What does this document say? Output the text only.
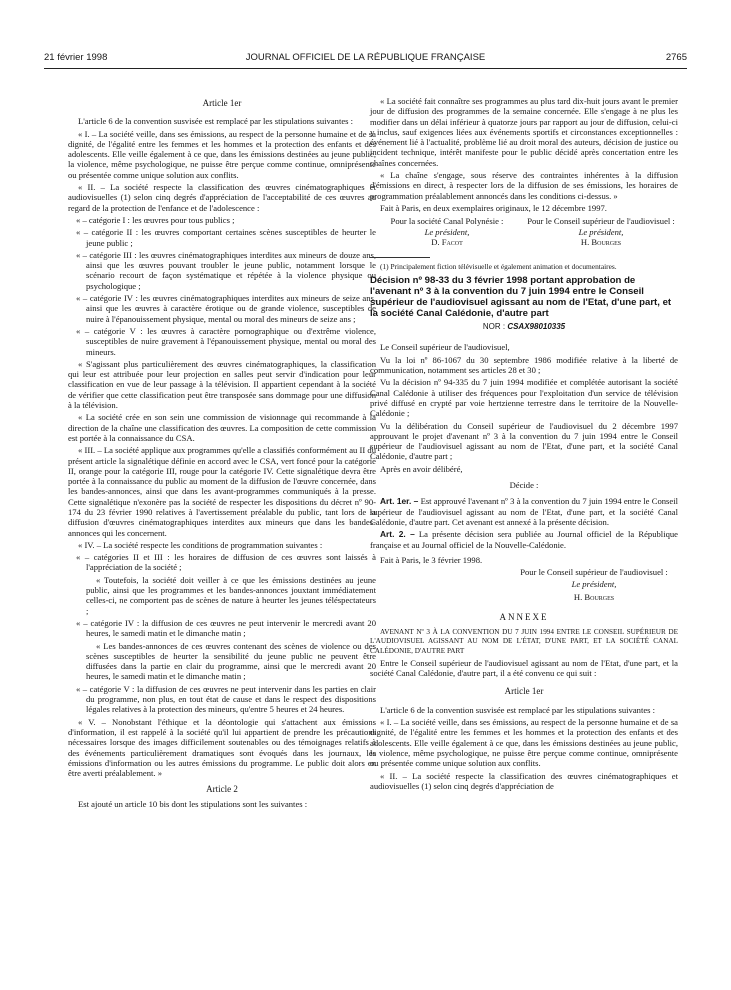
21 février 1998	JOURNAL OFFICIEL DE LA RÉPUBLIQUE FRANÇAISE	2765
Article 1er

L'article 6 de la convention susvisée est remplacé par les stipulations suivantes :

« I. – La société veille, dans ses émissions, au respect de la personne humaine et de sa dignité, de l'égalité entre les femmes et les hommes et la protection des enfants et des adolescents. Elle veille également à ce que, dans les émissions destinées au jeune public, la violence, même psychologique, ne puisse être perçue comme continue, omniprésente ou présentée comme unique solution aux conflits.

« II. – La société respecte la classification des œuvres cinématographiques et audiovisuelles (1) selon cinq degrés d'appréciation de l'acceptabilité de ces œuvres au regard de la protection de l'enfance et de l'adolescence :

« – catégorie I : les œuvres pour tous publics ;

« – catégorie II : les œuvres comportant certaines scènes susceptibles de heurter le jeune public ;

« – catégorie III : les œuvres cinématographiques interdites aux mineurs de douze ans, ainsi que les œuvres pouvant troubler le jeune public, notamment lorsque le scénario recourt de façon systématique et répétée à la violence physique ou psychologique ;

« – catégorie IV : les œuvres cinématographiques interdites aux mineurs de seize ans, ainsi que les œuvres à caractère érotique ou de grande violence, susceptibles de nuire à l'épanouissement physique, mental ou moral des mineurs de seize ans ;

« – catégorie V : les œuvres à caractère pornographique ou d'extrême violence, susceptibles de nuire gravement à l'épanouissement physique, mental ou moral des mineurs.

« S'agissant plus particulièrement des œuvres cinématographiques, la classification qui leur est attribuée pour leur projection en salles peut servir d'indication pour leur classification en vue de leur passage à la télévision. Il appartient cependant à la société de vérifier que cette classification peut être transposée sans dommage pour une diffusion à la télévision.

« La société crée en son sein une commission de visionnage qui recommande à la direction de la chaîne une classification des œuvres. La composition de cette commission est portée à la connaissance du CSA.

« III. – La société applique aux programmes qu'elle a classifiés conformément au II du présent article la signalétique définie en accord avec le CSA, vert foncé pour la catégorie II, orange pour la catégorie III, rouge pour la catégorie IV. Cette signalétique devra être portée à la connaissance du public au moment de la diffusion de l'œuvre concernée, dans les bandes-annonces, ainsi que dans les avant-programmes communiqués à la presse. Cette signalétique n'exonère pas la société de respecter les dispositions du décret nº 90-174 du 23 février 1990 relatives à l'avertissement préalable du public, tant lors de la diffusion d'œuvres cinématographiques interdites aux mineurs que dans les bandes-annonces qui les concernent.

« IV. – La société respecte les conditions de programmation suivantes :

« – catégories II et III : les horaires de diffusion de ces œuvres sont laissés à l'appréciation de la société ;

« Toutefois, la société doit veiller à ce que les émissions destinées au jeune public, ainsi que les programmes et les bandes-annonces jouxtant immédiatement celles-ci, ne comportent pas de scènes de nature à heurter les jeunes téléspectateurs ;

« – catégorie IV : la diffusion de ces œuvres ne peut intervenir le mercredi avant 20 heures, le samedi matin et le dimanche matin ;

« Les bandes-annonces de ces œuvres contenant des scènes de violence ou des scènes susceptibles de heurter la sensibilité du jeune public ne peuvent être diffusées dans la partie en clair du programme, ainsi que le mercredi avant 20 heures, le samedi matin et le dimanche matin ;

« – catégorie V : la diffusion de ces œuvres ne peut intervenir dans les parties en clair du programme, non plus, en tout état de cause et dans le respect des dispositions légales relatives à la protection des mineurs, qu'entre 5 heures et 24 heures.

« V. – Nonobstant l'éthique et la déontologie qui s'attachent aux émissions d'information, il est rappelé à la société qu'il lui appartient de prendre les précautions nécessaires lorsque des images difficilement soutenables ou des témoignages relatifs à des événements particulièrement dramatiques sont évoqués dans les journaux, les émissions d'information ou les autres émissions du programme. Le public doit alors en être averti préalablement. »

Article 2

Est ajouté un article 10 bis dont les stipulations sont les suivantes :

« La société fait connaître ses programmes au plus tard dix-huit jours avant le premier jour de diffusion des programmes de la semaine concernée. Elle s'engage à ne plus les modifier dans un délai inférieur à quatorze jours par rapport au jour de diffusion, celui-ci y inclus, sauf exigences liées aux événements sportifs et circonstances exceptionnelles : événement lié à l'actualité, problème lié au droit moral des auteurs, décision de justice ou incident technique, intérêt manifeste pour le public décidé après concertation entre les chaînes concernées.

« La chaîne s'engage, sous réserve des contraintes inhérentes à la diffusion d'émissions en direct, à respecter lors de la diffusion de ses émissions, les horaires de programmation préalablement annoncés dans les conditions ci-dessus. »

Fait à Paris, en deux exemplaires originaux, le 12 décembre 1997.

Pour la société Canal Polynésie :
Le président,
D. Facot
Pour le Conseil supérieur de l'audiovisuel :
Le président,
H. Bourges

(1) Principalement fiction télévisuelle et également animation et documentaires.

Décision nº 98-33 du 3 février 1998 portant approbation de l'avenant nº 3 à la convention du 7 juin 1994 entre le Conseil supérieur de l'audiovisuel agissant au nom de l'Etat, d'une part, et la société Canal Calédonie, d'autre part
NOR : CSAX98010335

Le Conseil supérieur de l'audiovisuel,

Vu la loi nº 86-1067 du 30 septembre 1986 modifiée relative à la liberté de communication, notamment ses articles 28 et 30 ;

Vu la décision nº 94-335 du 7 juin 1994 modifiée et complétée autorisant la société Canal Calédonie à utiliser des fréquences pour l'exploitation d'un service de télévision privé diffusé en crypté par voie hertzienne terrestre dans le territoire de la Nouvelle-Calédonie ;

Vu la délibération du Conseil supérieur de l'audiovisuel du 2 décembre 1997 approuvant le projet d'avenant nº 3 à la convention du 7 juin 1994 entre le Conseil supérieur de l'audiovisuel agissant au nom de l'Etat, d'une part, et la société Canal Calédonie, d'autre part ;

Après en avoir délibéré,

Décide :

Art. 1er. – Est approuvé l'avenant nº 3 à la convention du 7 juin 1994 entre le Conseil supérieur de l'audiovisuel agissant au nom de l'Etat, d'une part, et la société Canal Calédonie, d'autre part. Cet avenant est annexé à la présente décision.

Art. 2. – La présente décision sera publiée au Journal officiel de la République française et au Journal officiel de la Nouvelle-Calédonie.

Fait à Paris, le 3 février 1998.

Pour le Conseil supérieur de l'audiovisuel :

Le président,

H. Bourges

ANNEXE

AVENANT Nº 3 À LA CONVENTION DU 7 JUIN 1994 ENTRE LE CONSEIL SUPÉRIEUR DE L'AUDIOVISUEL AGISSANT AU NOM DE L'ÉTAT, D'UNE PART, ET LA SOCIÉTÉ CANAL CALÉDONIE, D'AUTRE PART

Entre le Conseil supérieur de l'audiovisuel agissant au nom de l'Etat, d'une part, et la société Canal Calédonie, d'autre part, il a été convenu ce qui suit :

Article 1er

L'article 6 de la convention susvisée est remplacé par les stipulations suivantes :

« I. – La société veille, dans ses émissions, au respect de la personne humaine et de sa dignité, de l'égalité entre les femmes et les hommes et la protection des enfants et des adolescents. Elle veille également à ce que, dans les émissions destinées au jeune public, la violence, même psychologique, ne puisse être perçue comme continue, omniprésente ou présentée comme unique solution aux conflits.

« II. – La société respecte la classification des œuvres cinématographiques et audiovisuelles (1) selon cinq degrés d'appréciation de
